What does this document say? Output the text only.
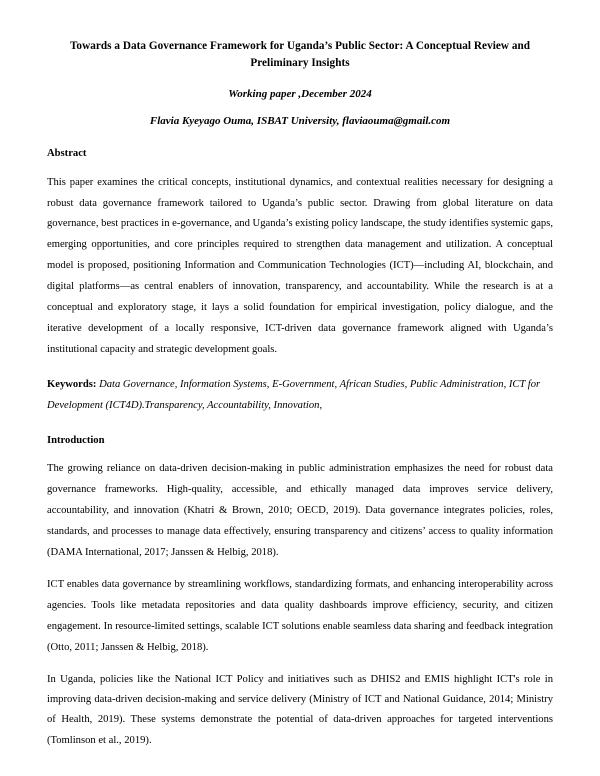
Towards a Data Governance Framework for Uganda’s Public Sector: A Conceptual Review and Preliminary Insights
Working paper ,December 2024
Flavia Kyeyago Ouma, ISBAT University, flaviaouma@gmail.com
Abstract

This paper examines the critical concepts, institutional dynamics, and contextual realities necessary for designing a robust data governance framework tailored to Uganda’s public sector. Drawing from global literature on data governance, best practices in e-governance, and Uganda’s existing policy landscape, the study identifies systemic gaps, emerging opportunities, and core principles required to strengthen data management and utilization. A conceptual model is proposed, positioning Information and Communication Technologies (ICT)—including AI, blockchain, and digital platforms—as central enablers of innovation, transparency, and accountability. While the research is at a conceptual and exploratory stage, it lays a solid foundation for empirical investigation, policy dialogue, and the iterative development of a locally responsive, ICT-driven data governance framework aligned with Uganda’s institutional capacity and strategic development goals.

Keywords: Data Governance, Information Systems, E-Government, African Studies, Public Administration, ICT for Development (ICT4D).Transparency, Accountability, Innovation,

Introduction

The growing reliance on data-driven decision-making in public administration emphasizes the need for robust data governance frameworks. High-quality, accessible, and ethically managed data improves service delivery, accountability, and innovation (Khatri & Brown, 2010; OECD, 2019). Data governance integrates policies, roles, standards, and processes to manage data effectively, ensuring transparency and citizens’ access to quality information (DAMA International, 2017; Janssen & Helbig, 2018).

ICT enables data governance by streamlining workflows, standardizing formats, and enhancing interoperability across agencies. Tools like metadata repositories and data quality dashboards improve efficiency, security, and citizen engagement. In resource-limited settings, scalable ICT solutions enable seamless data sharing and feedback integration (Otto, 2011; Janssen & Helbig, 2018).

In Uganda, policies like the National ICT Policy and initiatives such as DHIS2 and EMIS highlight ICT's role in improving data-driven decision-making and service delivery (Ministry of ICT and National Guidance, 2014; Ministry of Health, 2019). These systems demonstrate the potential of data-driven approaches for targeted interventions (Tomlinson et al., 2019).
